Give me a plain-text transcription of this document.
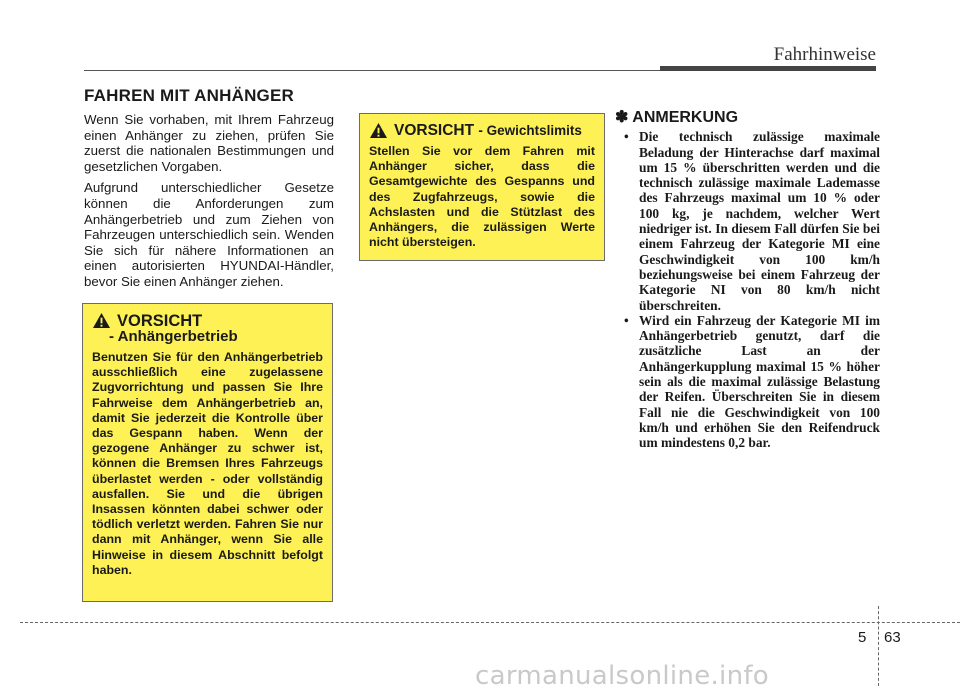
Fahrhinweise
FAHREN MIT ANHÄNGER

Wenn Sie vorhaben, mit Ihrem Fahrzeug einen Anhänger zu ziehen, prüfen Sie zuerst die nationalen Bestimmungen und gesetzlichen Vorgaben.

Aufgrund unterschiedlicher Gesetze können die Anforderungen zum Anhängerbetrieb und zum Ziehen von Fahrzeugen unterschiedlich sein. Wenden Sie sich für nähere Informationen an einen autorisierten HYUNDAI-Händler, bevor Sie einen Anhänger ziehen.

VORSICHT
- Anhängerbetrieb
Benutzen Sie für den Anhängerbetrieb ausschließlich eine zugelassene Zugvorrichtung und passen Sie Ihre Fahrweise dem Anhängerbetrieb an, damit Sie jederzeit die Kontrolle über das Gespann haben. Wenn der gezogene Anhänger zu schwer ist, können die Bremsen Ihres Fahrzeugs überlastet werden - oder vollständig ausfallen. Sie und die übrigen Insassen könnten dabei schwer oder tödlich verletzt werden. Fahren Sie nur dann mit Anhänger, wenn Sie alle Hinweise in diesem Abschnitt befolgt haben.
VORSICHT - Gewichtslimits
Stellen Sie vor dem Fahren mit Anhänger sicher, dass die Gesamtgewichte des Gespanns und des Zugfahrzeugs, sowie die Achslasten und die Stützlast des Anhängers, die zulässigen Werte nicht übersteigen.
✽ ANMERKUNG
• Die technisch zulässige maximale Beladung der Hinterachse darf maximal um 15 % überschritten werden und die technisch zulässige maximale Lademasse des Fahrzeugs maximal um 10 % oder 100 kg, je nachdem, welcher Wert niedriger ist. In diesem Fall dürfen Sie bei einem Fahrzeug der Kategorie MI eine Geschwindigkeit von 100 km/h beziehungsweise bei einem Fahrzeug der Kategorie NI von 80 km/h nicht überschreiten.
• Wird ein Fahrzeug der Kategorie MI im Anhängerbetrieb genutzt, darf die zusätzliche Last an der Anhängerkupplung maximal 15 % höher sein als die maximal zulässige Belastung der Reifen. Überschreiten Sie in diesem Fall nie die Geschwindigkeit von 100 km/h und erhöhen Sie den Reifendruck um mindestens 0,2 bar.
5 63
carmanualsonline.info
